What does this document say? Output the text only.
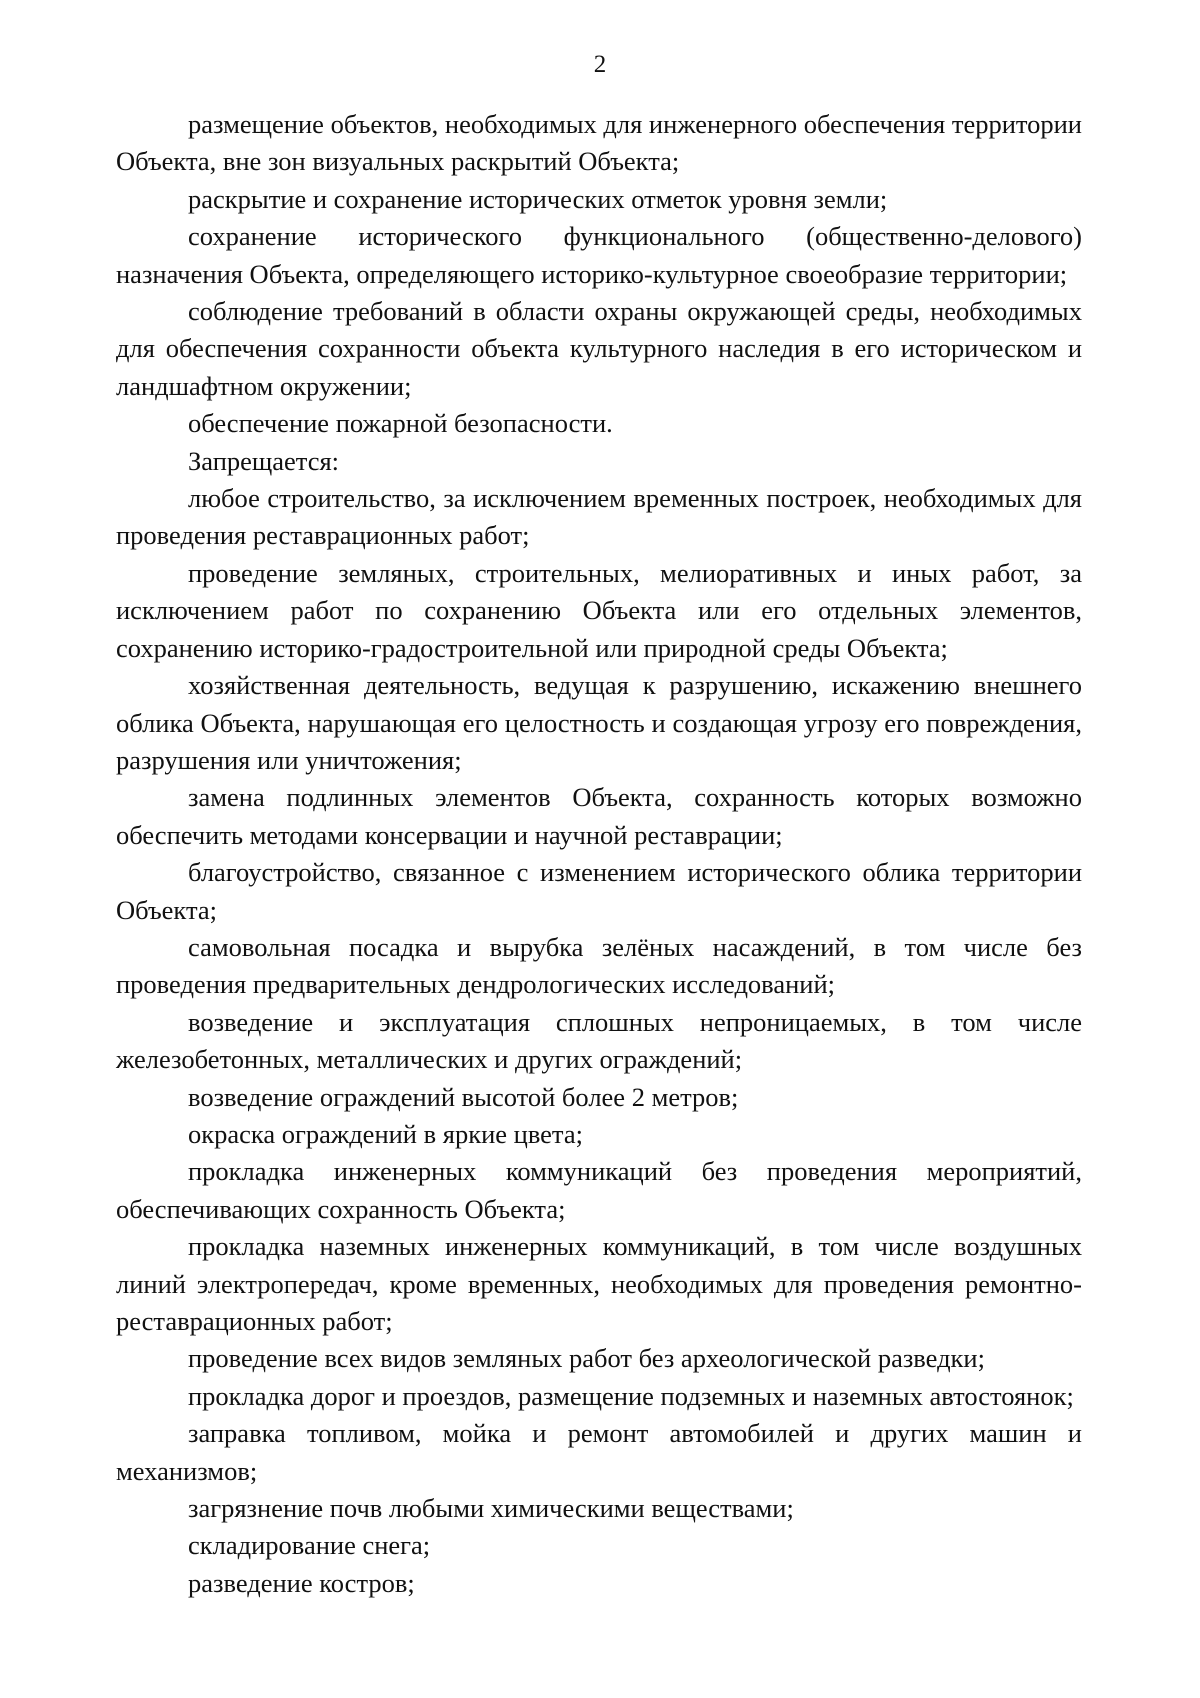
2

размещение объектов, необходимых для инженерного обеспечения территории Объекта, вне зон визуальных раскрытий Объекта;

раскрытие и сохранение исторических отметок уровня земли;

сохранение исторического функционального (общественно-делового) назначения Объекта, определяющего историко-культурное своеобразие территории;

соблюдение требований в области охраны окружающей среды, необходимых для обеспечения сохранности объекта культурного наследия в его историческом и ландшафтном окружении;

обеспечение пожарной безопасности.

Запрещается:

любое строительство, за исключением временных построек, необходимых для проведения реставрационных работ;

проведение земляных, строительных, мелиоративных и иных работ, за исключением работ по сохранению Объекта или его отдельных элементов, сохранению историко-градостроительной или природной среды Объекта;

хозяйственная деятельность, ведущая к разрушению, искажению внешнего облика Объекта, нарушающая его целостность и создающая угрозу его повреждения, разрушения или уничтожения;

замена подлинных элементов Объекта, сохранность которых возможно обеспечить методами консервации и научной реставрации;

благоустройство, связанное с изменением исторического облика территории Объекта;

самовольная посадка и вырубка зелёных насаждений, в том числе без проведения предварительных дендрологических исследований;

возведение и эксплуатация сплошных непроницаемых, в том числе железобетонных, металлических и других ограждений;

возведение ограждений высотой более 2 метров;

окраска ограждений в яркие цвета;

прокладка инженерных коммуникаций без проведения мероприятий, обеспечивающих сохранность Объекта;

прокладка наземных инженерных коммуникаций, в том числе воздушных линий электропередач, кроме временных, необходимых для проведения ремонтно-реставрационных работ;

проведение всех видов земляных работ без археологической разведки;

прокладка дорог и проездов, размещение подземных и наземных автостоянок;

заправка топливом, мойка и ремонт автомобилей и других машин и механизмов;

загрязнение почв любыми химическими веществами;

складирование снега;

разведение костров;
